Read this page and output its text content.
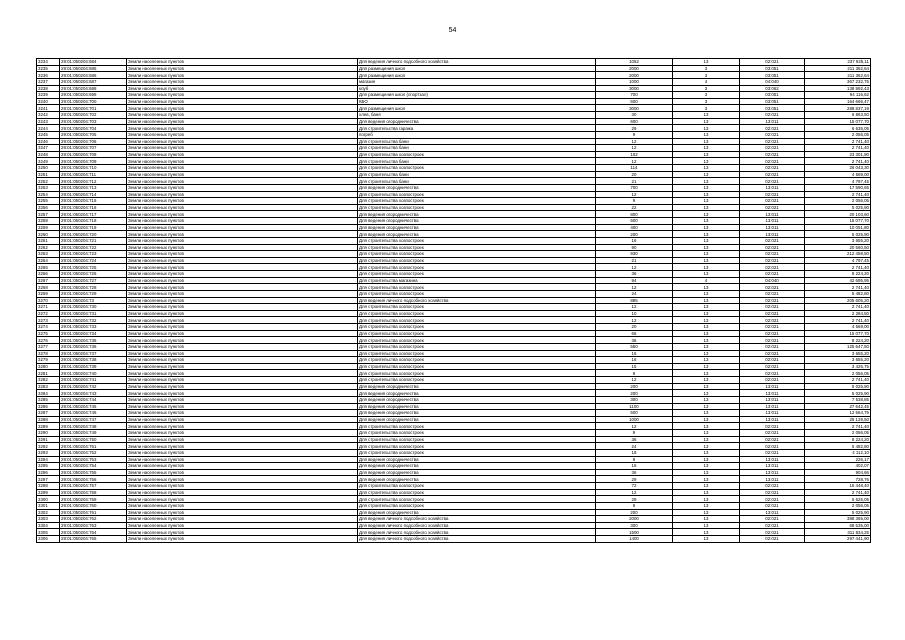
54
3234	29:01:050204:684	Земли населенных пунктов	Для ведения личного подсобного хозяйства	1052	13	02:021	237 925,11
3235	29:01:050204:685	Земли населенных пунктов	Для размещения школ	2000	3	03:051	211 362,64
3236	29:01:050204:686	Земли населенных пунктов	Для размещения школ	2000	3	03:051	211 362,64
3237	29:01:050204:687	Земли населенных пунктов	магазин	1000	4	04:040	367 232,75
3238	29:01:050204:688	Земли населенных пунктов	клуб	3000	3	03:062	138 992,43
3239	29:01:050204:699	Земли населенных пунктов	Для размещения школ (спортзал)	700	3	03:051	94 116,62
3240	29:01:050204:700	Земли населенных пунктов	КБО	600	3	03:051	164 666,47
3241	29:01:050204:701	Земли населенных пунктов	Для размещения школ	3000	3	03:051	288 837,19
3242	29:01:050204:702	Земли населенных пунктов	хлев, баня	30	13	02:021	6 863,50
3243	29:01:050204:703	Земли населенных пунктов	Для ведения огородничества	600	13	13:011	15 077,70
3244	29:01:050204:704	Земли населенных пунктов	Для строительства гаража	29	13	02:021	6 635,05
3245	29:01:050204:705	Земли населенных пунктов	погреб	9	13	02:021	2 056,05
3246	29:01:050204:706	Земли населенных пунктов	Для строительства бани	12	13	02:021	2 741,40
3247	29:01:050204:707	Земли населенных пунктов	Для строительства бани	12	13	02:021	2 741,40
3248	29:01:050204:708	Земли населенных пунктов	Для строительства хозпостроек	102	13	02:021	23 301,90
3249	29:01:050204:709	Земли населенных пунктов	Для строительства бани	12	13	02:021	2 741,40
3250	29:01:050204:710	Земли населенных пунктов	Для строительства хозпостроек	114	13	02:021	26 043,30
3251	29:01:050204:711	Земли населенных пунктов	Для строительства бани	20	13	02:021	4 569,00
3252	29:01:050204:712	Земли населенных пунктов	Для строительства бани	21	13	02:021	4 797,45
3253	29:01:050204:713	Земли населенных пунктов	Для ведения огородничества	700	13	13:011	17 590,65
3254	29:01:050204:714	Земли населенных пунктов	Для строительства хозпостроек	12	13	02:021	2 741,40
3255	29:01:050204:715	Земли населенных пунктов	Для строительства хозпостроек	9	13	02:021	2 056,05
3256	29:01:050204:716	Земли населенных пунктов	Для строительства хозпостроек	22	13	02:021	5 025,90
3257	29:01:050204:717	Земли населенных пунктов	Для ведения огородничества	800	13	13:011	20 103,60
3258	29:01:050204:718	Земли населенных пунктов	Для ведения огородничества	600	13	13:011	15 077,70
3259	29:01:050204:719	Земли населенных пунктов	Для ведения огородничества	400	13	13:011	10 051,80
3260	29:01:050204:720	Земли населенных пунктов	Для ведения огородничества	200	13	13:011	5 025,90
3261	29:01:050204:721	Земли населенных пунктов	Для строительства хозпостроек	16	13	02:021	3 655,20
3262	29:01:050204:722	Земли населенных пунктов	Для строительства хозпостроек	90	13	02:021	20 560,50
3263	29:01:050204:723	Земли населенных пунктов	Для строительства хозпостроек	930	13	02:021	212 458,50
3264	29:01:050204:724	Земли населенных пунктов	Для строительства хозпостроек	21	13	02:021	4 797,45
3265	29:01:050204:725	Земли населенных пунктов	Для строительства хозпостроек	12	13	02:021	2 741,40
3266	29:01:050204:726	Земли населенных пунктов	Для строительства хозпостроек	36	13	02:021	8 224,20
3267	29:01:050204:727	Земли населенных пунктов	Для строительства магазина	94	4	04:040	42 695,95
3268	29:01:050204:728	Земли населенных пунктов	Для строительства хозпостроек	12	13	02:021	2 741,40
3269	29:01:050204:729	Земли населенных пунктов	Для строительства хозпостроек	24	13	02:021	5 482,80
3270	29:01:050204:73	Земли населенных пунктов	Для ведения личного подсобного хозяйства	895	13	02:021	205 605,20
3271	29:01:050204:730	Земли населенных пунктов	Для строительства хозпостроек	12	13	02:021	2 741,40
3272	29:01:050204:731	Земли населенных пунктов	Для строительства хозпостроек	10	13	02:021	2 284,50
3273	29:01:050204:732	Земли населенных пунктов	Для строительства хозпостроек	12	13	02:021	2 741,40
3274	29:01:050204:733	Земли населенных пунктов	Для строительства хозпостроек	20	13	02:021	4 569,00
3275	29:01:050204:734	Земли населенных пунктов	Для строительства хозпостроек	66	13	02:021	15 077,70
3276	29:01:050204:735	Земли населенных пунктов	Для строительства хозпостроек	36	13	02:021	8 224,20
3277	29:01:050204:736	Земли населенных пунктов	Для строительства хозпостроек	550	13	02:021	125 647,50
3278	29:01:050204:737	Земли населенных пунктов	Для строительства хозпостроек	16	13	02:021	3 655,20
3279	29:01:050204:738	Земли населенных пунктов	Для строительства хозпостроек	16	13	02:021	3 655,20
3280	29:01:050204:739	Земли населенных пунктов	Для строительства хозпостроек	15	13	02:021	3 426,75
3281	29:01:050204:740	Земли населенных пунктов	Для строительства хозпостроек	9	13	02:021	2 056,05
3282	29:01:050204:741	Земли населенных пунктов	Для строительства хозпостроек	12	13	02:021	2 741,40
3283	29:01:050204:742	Земли населенных пунктов	Для ведения огородничества	200	13	13:011	5 025,90
3284	29:01:050204:743	Земли населенных пунктов	Для ведения огородничества	200	13	13:011	5 025,90
3285	29:01:050204:744	Земли населенных пунктов	Для ведения огородничества	300	13	13:011	7 538,85
3286	29:01:050204:745	Земли населенных пунктов	Для ведения огородничества	1100	13	13:011	27 642,45
3287	29:01:050204:746	Земли населенных пунктов	Для ведения огородничества	500	13	13:011	12 564,75
3288	29:01:050204:747	Земли населенных пунктов	Для ведения огородничества	1000	13	13:011	25 129,50
3289	29:01:050204:748	Земли населенных пунктов	Для строительства хозпостроек	12	13	02:021	2 741,40
3290	29:01:050204:749	Земли населенных пунктов	Для строительства хозпостроек	9	13	02:021	2 056,05
3291	29:01:050204:750	Земли населенных пунктов	Для строительства хозпостроек	36	13	02:021	8 224,20
3292	29:01:050204:751	Земли населенных пунктов	Для строительства хозпостроек	24	13	02:021	5 482,80
3293	29:01:050204:752	Земли населенных пунктов	Для строительства хозпостроек	18	13	02:021	4 112,10
3294	29:01:050204:753	Земли населенных пунктов	Для ведения огородничества	9	13	13:011	226,17
3295	29:01:050204:754	Земли населенных пунктов	Для ведения огородничества	16	13	13:011	402,07
3296	29:01:050204:755	Земли населенных пунктов	Для ведения огородничества	36	13	13:011	904,66
3297	29:01:050204:756	Земли населенных пунктов	Для ведения огородничества	29	13	13:011	728,76
3298	29:01:050204:757	Земли населенных пунктов	Для строительства хозпостроек	72	13	02:021	16 448,40
3299	29:01:050204:758	Земли населенных пунктов	Для строительства хозпостроек	12	13	02:021	2 741,40
3300	29:01:050204:759	Земли населенных пунктов	Для строительства хозпостроек	29	13	02:021	6 625,05
3301	29:01:050204:760	Земли населенных пунктов	Для строительства хозпостроек	9	13	02:021	2 056,05
3302	29:01:050204:761	Земли населенных пунктов	Для ведения огородничества	200	13	13:011	5 025,90
3303	29:01:050204:762	Земли населенных пунктов	Для ведения личного подсобного хозяйства	2000	13	02:021	388 365,00
3304	29:01:050204:763	Земли населенных пунктов	Для ведения личного подсобного хозяйства	300	13	02:021	68 535,00
3305	29:01:050204:764	Земли населенных пунктов	Для ведения личного подсобного хозяйства	1500	13	02:021	311 834,25
3306	29:01:050204:765	Земли населенных пунктов	Для ведения личного подсобного хозяйства	1400	13	02:021	297 441,90
